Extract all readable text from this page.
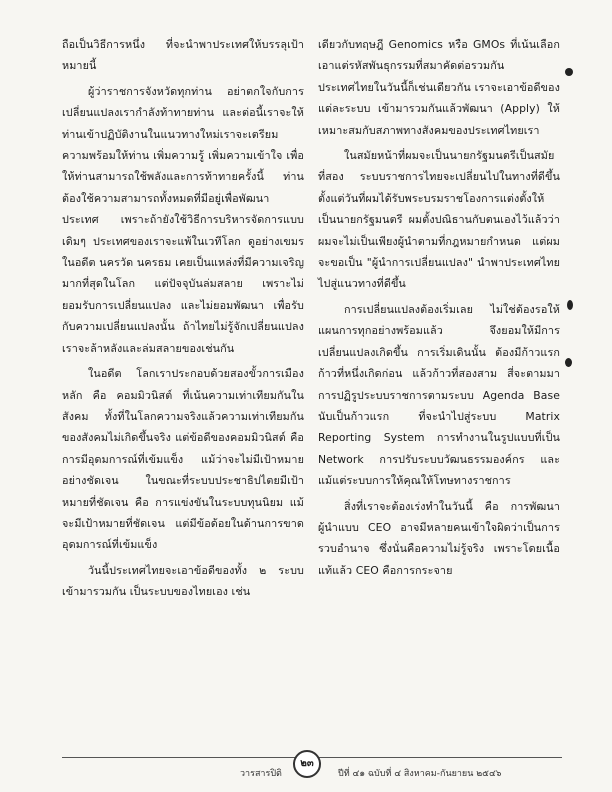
ถือเป็นวิธีการหนึ่ง ที่จะนำพาประเทศให้บรรลุเป้าหมายนี้

ผู้ว่าราชการจังหวัดทุกท่าน อย่าตกใจกับการเปลี่ยนแปลงเรากำลังท้าทายท่าน และต่อนี้เราจะให้ท่านเข้าปฏิบัติงานในแนวทางใหม่เราจะเตรียมความพร้อมให้ท่าน เพิ่มความรู้ เพิ่มความเข้าใจ เพื่อให้ท่านสามารถใช้พลังและการท้าทายครั้งนี้ ท่านต้องใช้ความสามารถทั้งหมดที่มีอยู่เพื่อพัฒนาประเทศ เพราะถ้ายังใช้วิธีการบริหารจัดการแบบเดิมๆ ประเทศของเราจะแพ้ในเวทีโลก ดูอย่างเขมรในอดีต นครวัด นครธม เคยเป็นแหล่งที่มีความเจริญมากที่สุดในโลก แต่ปัจจุบันล่มสลาย เพราะไม่ยอมรับการเปลี่ยนแปลง และไม่ยอมพัฒนา เพื่อรับกับความเปลี่ยนแปลงนั้น ถ้าไทยไม่รู้จักเปลี่ยนแปลง เราจะล้าหลังและล่มสลายของเช่นกัน

ในอดีต โลกเราประกอบด้วยสองขั้วการเมืองหลัก คือ คอมมิวนิสต์ ที่เน้นความเท่าเทียมกันในสังคม ทั้งที่ในโลกความจริงแล้วความเท่าเทียมกันของสังคมไม่เกิดขึ้นจริง แต่ข้อดีของคอมมิวนิสต์ คือ การมีอุดมการณ์ที่เข้มแข็ง แม้ว่าจะไม่มีเป้าหมายอย่างชัดเจน ในขณะที่ระบบประชาธิปไตยมีเป้าหมายที่ชัดเจน คือ การแข่งขันในระบบทุนนิยม แม้จะมีเป้าหมายที่ชัดเจน แต่มีข้อด้อยในด้านการขาดอุดมการณ์ที่เข้มแข็ง

วันนี้ประเทศไทยจะเอาข้อดีของทั้ง ๒ ระบบ เข้ามารวมกัน เป็นระบบของไทยเอง เช่น

เดียวกับทฤษฎี Genomics หรือ GMOs ที่เน้นเลือกเอาแต่รหัสพันธุกรรมที่สมาคัดต่อรวมกันประเทศไทยในวันนี้ก็เช่นเดียวกัน เราจะเอาข้อดีของแต่ละระบบ เข้ามารวมกันแล้วพัฒนา (Apply) ให้เหมาะสมกับสภาพทางสังคมของประเทศไทยเรา

ในสมัยหน้าที่ผมจะเป็นนายกรัฐมนตรีเป็นสมัยที่สอง ระบบราชการไทยจะเปลี่ยนไปในทางที่ดีขึ้น ตั้งแต่วันที่ผมได้รับพระบรมราชโองการแต่งตั้งให้เป็นนายกรัฐมนตรี ผมตั้งปณิธานกับตนเองไว้แล้วว่า ผมจะไม่เป็นเพียงผู้นำตามที่กฎหมายกำหนด แต่ผมจะขอเป็น "ผู้นำการเปลี่ยนแปลง" นำพาประเทศไทยไปสู่แนวทางที่ดีขึ้น

การเปลี่ยนแปลงต้องเริ่มเลย ไม่ใช่ต้องรอให้แผนการทุกอย่างพร้อมแล้ว จึงยอมให้มีการเปลี่ยนแปลงเกิดขึ้น การเริ่มเดินนั้น ต้องมีก้าวแรก ก้าวที่หนึ่งเกิดก่อน แล้วก้าวที่สองสาม สี่จะตามมา การปฏิรูประบบราชการตามระบบ Agenda Base นับเป็นก้าวแรก ที่จะนำไปสู่ระบบ Matrix Reporting System การทำงานในรูปแบบที่เป็น Network การปรับระบบวัฒนธรรมองค์กร และแม้แต่ระบบการให้คุณให้โทษทางราชการ

สิ่งที่เราจะต้องเร่งทำในวันนี้ คือ การพัฒนาผู้นำแบบ CEO อาจมีหลายคนเข้าใจผิดว่าเป็นการรวบอำนาจ ซึ่งนั่นคือความไม่รู้จริง เพราะโดยเนื้อแท้แล้ว CEO คือการกระจาย

๒๓
วารสารปิติ	ปีที่ ๔๑ ฉบับที่ ๔ สิงหาคม-กันยายน ๒๕๔๖
